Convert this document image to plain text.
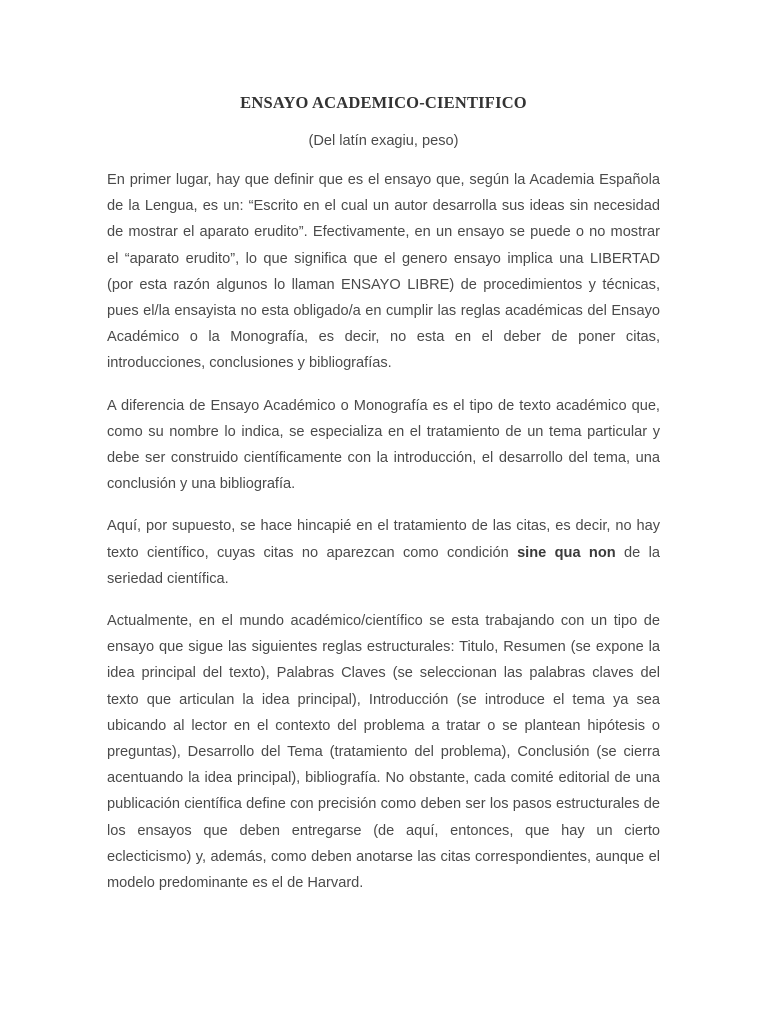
ENSAYO ACADEMICO-CIENTIFICO
(Del latín exagiu, peso)

En primer lugar, hay que definir que es el ensayo que, según la Academia Española de la Lengua, es un: “Escrito en el cual un autor desarrolla sus ideas sin necesidad de mostrar el aparato erudito”. Efectivamente, en un ensayo se puede o no mostrar el “aparato erudito”, lo que significa que el genero ensayo implica una LIBERTAD (por esta razón algunos lo llaman ENSAYO LIBRE) de procedimientos y técnicas, pues el/la ensayista no esta obligado/a en cumplir las reglas académicas del Ensayo Académico o la Monografía, es decir, no esta en el deber de poner citas, introducciones, conclusiones y bibliografías.

A diferencia de Ensayo Académico o Monografía es el tipo de texto académico que, como su nombre lo indica, se especializa en el tratamiento de un tema particular y debe ser construido científicamente con la introducción, el desarrollo del tema, una conclusión y una bibliografía.

Aquí, por supuesto, se hace hincapié en el tratamiento de las citas, es decir, no hay texto científico, cuyas citas no aparezcan como condición sine qua non de la seriedad científica.

Actualmente, en el mundo académico/científico se esta trabajando con un tipo de ensayo que sigue las siguientes reglas estructurales: Titulo, Resumen (se expone la idea principal del texto), Palabras Claves (se seleccionan las palabras claves del texto que articulan la idea principal), Introducción (se introduce el tema ya sea ubicando al lector en el contexto del problema a tratar o se plantean hipótesis o preguntas), Desarrollo del Tema (tratamiento del problema), Conclusión (se cierra acentuando la idea principal), bibliografía. No obstante, cada comité editorial de una publicación científica define con precisión como deben ser los pasos estructurales de los ensayos que deben entregarse (de aquí, entonces, que hay un cierto eclecticismo) y, además, como deben anotarse las citas correspondientes, aunque el modelo predominante es el de Harvard.
